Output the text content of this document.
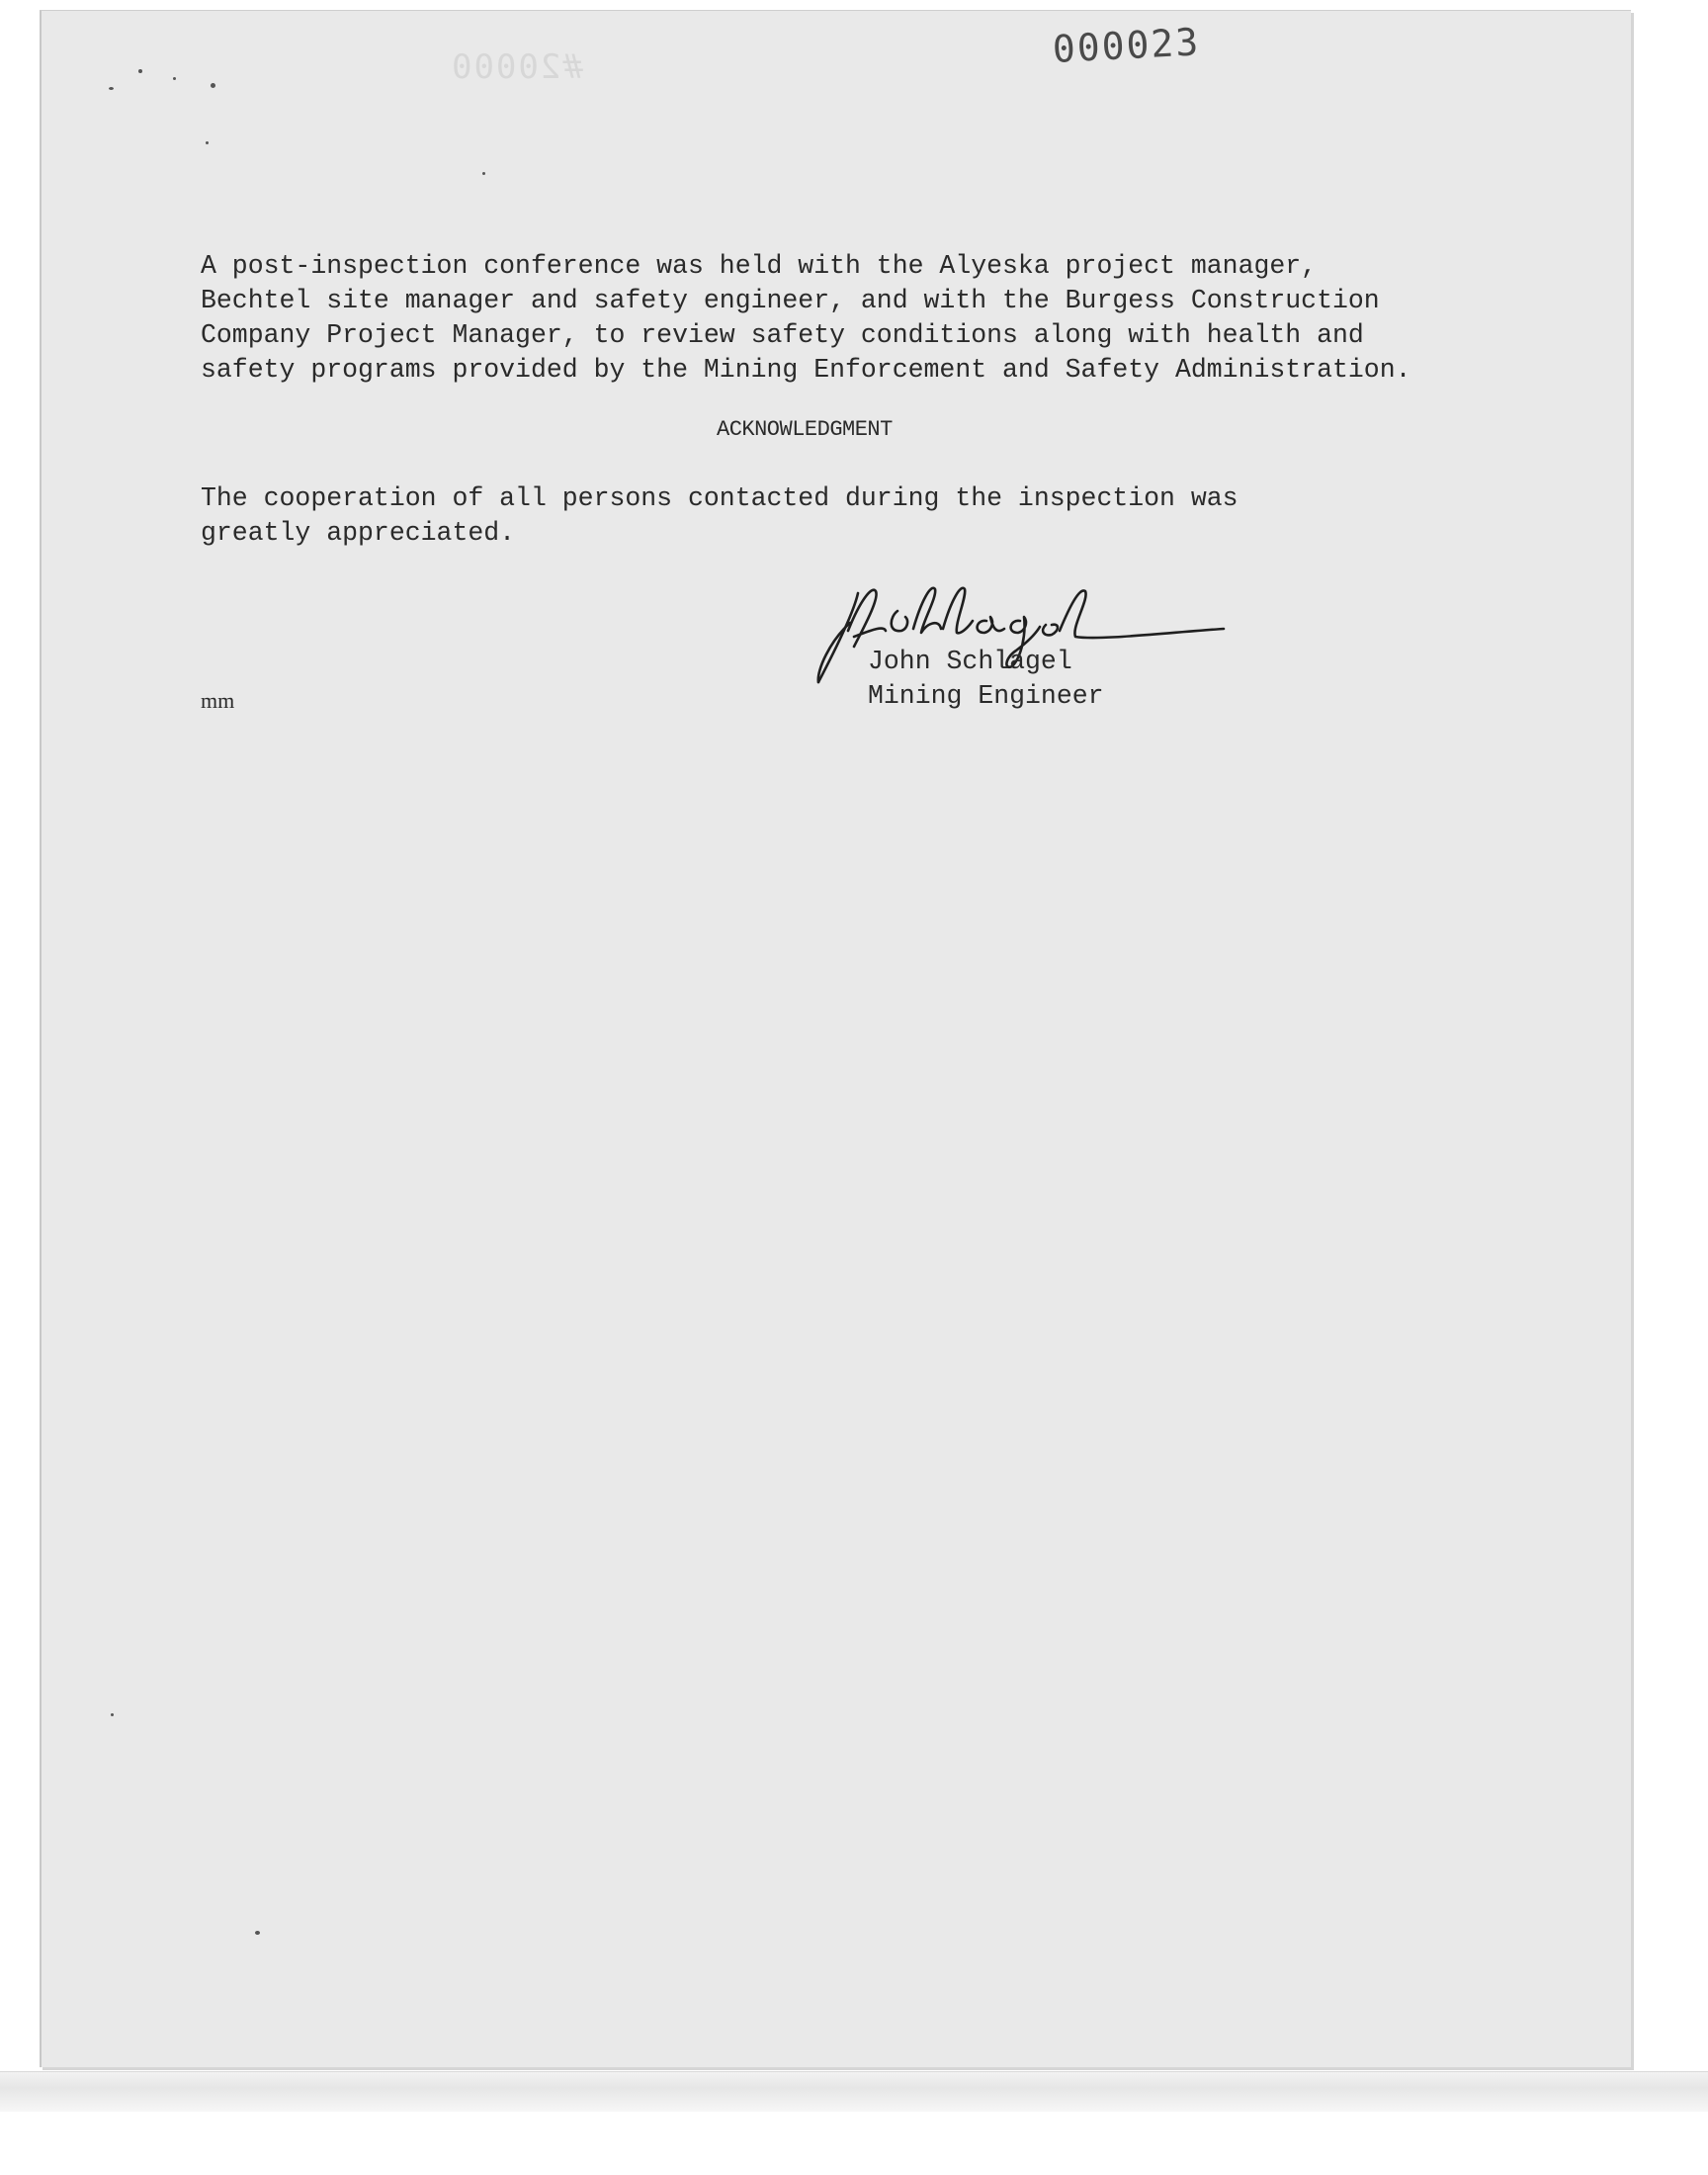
#20000	000023

A post-inspection conference was held with the Alyeska project manager,
Bechtel site manager and safety engineer, and with the Burgess Construction
Company Project Manager, to review safety conditions along with health and
safety programs provided by the Mining Enforcement and Safety Administration.

ACKNOWLEDGMENT

The cooperation of all persons contacted during the inspection was
greatly appreciated.

John Schlagel
Mining Engineer
mm
